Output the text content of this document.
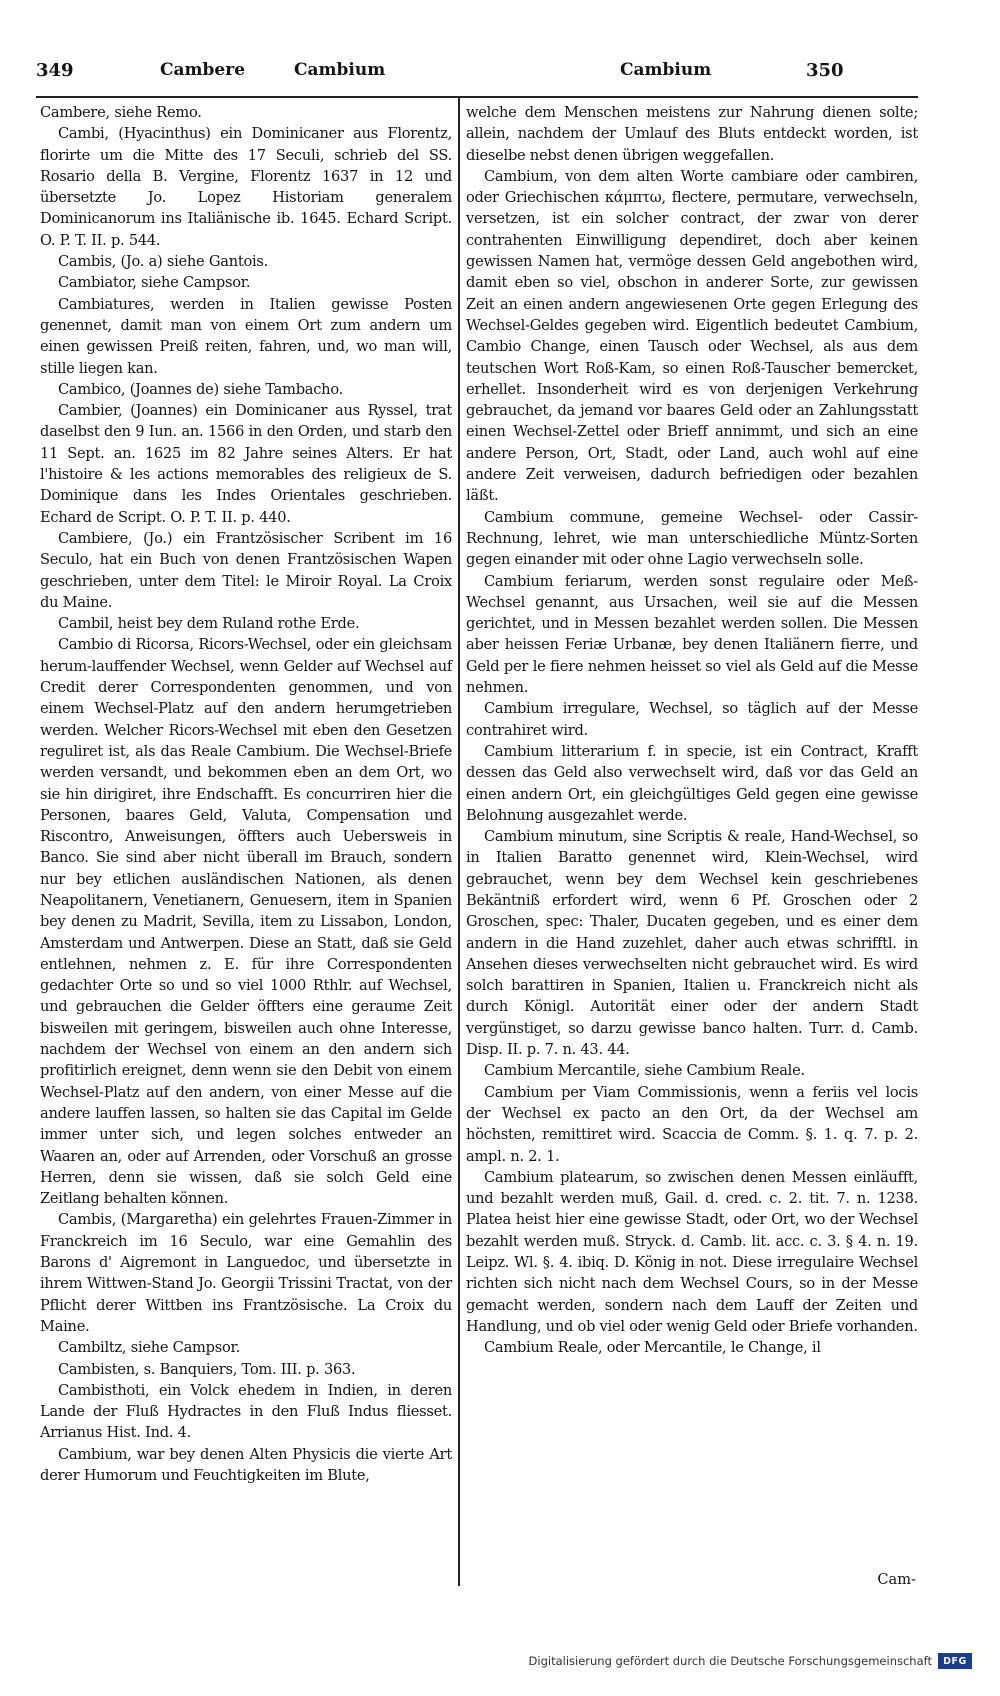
349	Cambere	Cambium	Cambium	350

Cambere, siehe Remo.

Cambi, (Hyacinthus) ein Dominicaner aus Florentz, florirte um die Mitte des 17 Seculi, schrieb del SS. Rosario della B. Vergine, Florentz 1637 in 12 und übersetzte Jo. Lopez Historiam generalem Dominicanorum ins Italiänische ib. 1645. Echard Script. O. P. T. II. p. 544.

Cambis, (Jo. a) siehe Gantois.

Cambiator, siehe Campsor.

Cambiatures, werden in Italien gewisse Posten genennet, damit man von einem Ort zum andern um einen gewissen Preiß reiten, fahren, und, wo man will, stille liegen kan.

Cambico, (Joannes de) siehe Tambacho.

Cambier, (Joannes) ein Dominicaner aus Ryssel, trat daselbst den 9 Iun. an. 1566 in den Orden, und starb den 11 Sept. an. 1625 im 82 Jahre seines Alters. Er hat l'histoire & les actions memorables des religieux de S. Dominique dans les Indes Orientales geschrieben. Echard de Script. O. P. T. II. p. 440.

Cambiere, (Jo.) ein Frantzösischer Scribent im 16 Seculo, hat ein Buch von denen Frantzösischen Wapen geschrieben, unter dem Titel: le Miroir Royal. La Croix du Maine.

Cambil, heist bey dem Ruland rothe Erde.

Cambio di Ricorsa, Ricors-Wechsel, oder ein gleichsam herum-lauffender Wechsel, wenn Gelder auf Wechsel auf Credit derer Correspondenten genommen, und von einem Wechsel-Platz auf den andern herumgetrieben werden. Welcher Ricors-Wechsel mit eben den Gesetzen reguliret ist, als das Reale Cambium. Die Wechsel-Briefe werden versandt, und bekommen eben an dem Ort, wo sie hin dirigiret, ihre Endschafft. Es concurriren hier die Personen, baares Geld, Valuta, Compensation und Riscontro, Anweisungen, öffters auch Uebersweis in Banco. Sie sind aber nicht überall im Brauch, sondern nur bey etlichen ausländischen Nationen, als denen Neapolitanern, Venetianern, Genuesern, item in Spanien bey denen zu Madrit, Sevilla, item zu Lissabon, London, Amsterdam und Antwerpen. Diese an Statt, daß sie Geld entlehnen, nehmen z. E. für ihre Correspondenten gedachter Orte so und so viel 1000 Rthlr. auf Wechsel, und gebrauchen die Gelder öffters eine geraume Zeit bisweilen mit geringem, bisweilen auch ohne Interesse, nachdem der Wechsel von einem an den andern sich profitirlich ereignet, denn wenn sie den Debit von einem Wechsel-Platz auf den andern, von einer Messe auf die andere lauffen lassen, so halten sie das Capital im Gelde immer unter sich, und legen solches entweder an Waaren an, oder auf Arrenden, oder Vorschuß an grosse Herren, denn sie wissen, daß sie solch Geld eine Zeitlang behalten können.

Cambis, (Margaretha) ein gelehrtes Frauen-Zimmer in Franckreich im 16 Seculo, war eine Gemahlin des Barons d' Aigremont in Languedoc, und übersetzte in ihrem Wittwen-Stand Jo. Georgii Trissini Tractat, von der Pflicht derer Wittben ins Frantzösische. La Croix du Maine.

Cambiltz, siehe Campsor.

Cambisten, s. Banquiers, Tom. III. p. 363.

Cambisthoti, ein Volck ehedem in Indien, in deren Lande der Fluß Hydractes in den Fluß Indus fliesset. Arrianus Hist. Ind. 4.

Cambium, war bey denen Alten Physicis die vierte Art derer Humorum und Feuchtigkeiten im Blute,

welche dem Menschen meistens zur Nahrung dienen solte; allein, nachdem der Umlauf des Bluts entdeckt worden, ist dieselbe nebst denen übrigen weggefallen.

Cambium, von dem alten Worte cambiare oder cambiren, oder Griechischen κάμπτω, flectere, permutare, verwechseln, versetzen, ist ein solcher contract, der zwar von derer contrahenten Einwilligung dependiret, doch aber keinen gewissen Namen hat, vermöge dessen Geld angebothen wird, damit eben so viel, obschon in anderer Sorte, zur gewissen Zeit an einen andern angewiesenen Orte gegen Erlegung des Wechsel-Geldes gegeben wird. Eigentlich bedeutet Cambium, Cambio Change, einen Tausch oder Wechsel, als aus dem teutschen Wort Roß-Kam, so einen Roß-Tauscher bemercket, erhellet. Insonderheit wird es von derjenigen Verkehrung gebrauchet, da jemand vor baares Geld oder an Zahlungsstatt einen Wechsel-Zettel oder Brieff annimmt, und sich an eine andere Person, Ort, Stadt, oder Land, auch wohl auf eine andere Zeit verweisen, dadurch befriedigen oder bezahlen läßt.

Cambium commune, gemeine Wechsel- oder Cassir-Rechnung, lehret, wie man unterschiedliche Müntz-Sorten gegen einander mit oder ohne Lagio verwechseln solle.

Cambium feriarum, werden sonst regulaire oder Meß-Wechsel genannt, aus Ursachen, weil sie auf die Messen gerichtet, und in Messen bezahlet werden sollen. Die Messen aber heissen Feriæ Urbanæ, bey denen Italiänern fierre, und Geld per le fiere nehmen heisset so viel als Geld auf die Messe nehmen.

Cambium irregulare, Wechsel, so täglich auf der Messe contrahiret wird.

Cambium litterarium f. in specie, ist ein Contract, Krafft dessen das Geld also verwechselt wird, daß vor das Geld an einen andern Ort, ein gleichgültiges Geld gegen eine gewisse Belohnung ausgezahlet werde.

Cambium minutum, sine Scriptis & reale, Hand-Wechsel, so in Italien Baratto genennet wird, Klein-Wechsel, wird gebrauchet, wenn bey dem Wechsel kein geschriebenes Bekäntniß erfordert wird, wenn 6 Pf. Groschen oder 2 Groschen, spec: Thaler, Ducaten gegeben, und es einer dem andern in die Hand zuzehlet, daher auch etwas schrifftl. in Ansehen dieses verwechselten nicht gebrauchet wird. Es wird solch barattiren in Spanien, Italien u. Franckreich nicht als durch Königl. Autorität einer oder der andern Stadt vergünstiget, so darzu gewisse banco halten. Turr. d. Camb. Disp. II. p. 7. n. 43. 44.

Cambium Mercantile, siehe Cambium Reale.

Cambium per Viam Commissionis, wenn a feriis vel locis der Wechsel ex pacto an den Ort, da der Wechsel am höchsten, remittiret wird. Scaccia de Comm. §. 1. q. 7. p. 2. ampl. n. 2. 1.

Cambium platearum, so zwischen denen Messen einläufft, und bezahlt werden muß, Gail. d. cred. c. 2. tit. 7. n. 1238. Platea heist hier eine gewisse Stadt, oder Ort, wo der Wechsel bezahlt werden muß. Stryck. d. Camb. lit. acc. c. 3. § 4. n. 19. Leipz. Wl. §. 4. ibiq. D. König in not. Diese irregulaire Wechsel richten sich nicht nach dem Wechsel Cours, so in der Messe gemacht werden, sondern nach dem Lauff der Zeiten und Handlung, und ob viel oder wenig Geld oder Briefe vorhanden.

Cambium Reale, oder Mercantile, le Change, il

Cam-
Digitalisierung gefördert durch die Deutsche Forschungsgemeinschaft	DFG
